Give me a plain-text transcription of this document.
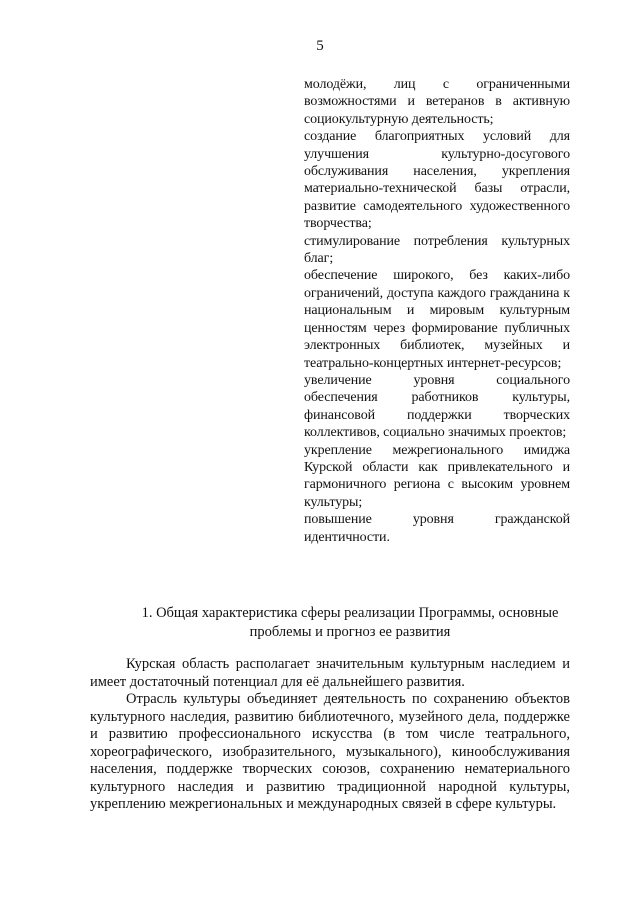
5
молодёжи, лиц с ограниченными возможностями и ветеранов в активную социокультурную деятельность;
создание благоприятных условий для улучшения культурно-досугового обслуживания населения, укрепления материально-технической базы отрасли, развитие самодеятельного художественного творчества;
стимулирование потребления культурных благ;
обеспечение широкого, без каких-либо ограничений, доступа каждого гражданина к национальным и мировым культурным ценностям через формирование публичных электронных библиотек, музейных и театрально-концертных интернет-ресурсов;
увеличение уровня социального обеспечения работников культуры, финансовой поддержки творческих коллективов, социально значимых проектов;
укрепление межрегионального имиджа Курской области как привлекательного и гармоничного региона с высоким уровнем культуры;
повышение уровня гражданской идентичности.
1. Общая характеристика сферы реализации Программы, основные
проблемы и прогноз ее развития

Курская область располагает значительным культурным наследием и имеет достаточный потенциал для её дальнейшего развития.

Отрасль культуры объединяет деятельность по сохранению объектов культурного наследия, развитию библиотечного, музейного дела, поддержке и развитию профессионального искусства (в том числе театрального, хореографического, изобразительного, музыкального), кинообслуживания населения, поддержке творческих союзов, сохранению нематериального культурного наследия и развитию традиционной народной культуры, укреплению межрегиональных и международных связей в сфере культуры.
